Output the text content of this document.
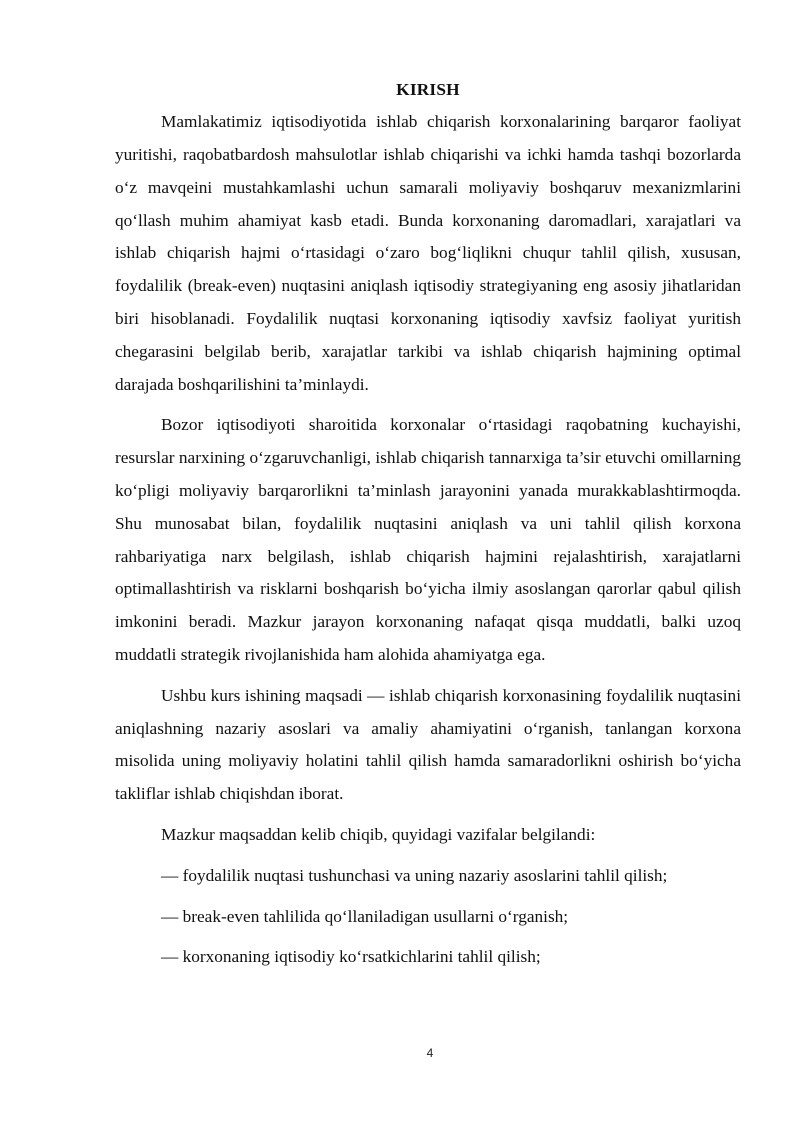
KIRISH

Mamlakatimiz iqtisodiyotida ishlab chiqarish korxonalarining barqaror faoliyat yuritishi, raqobatbardosh mahsulotlar ishlab chiqarishi va ichki hamda tashqi bozorlarda o‘z mavqeini mustahkamlashi uchun samarali moliyaviy boshqaruv mexanizmlarini qo‘llash muhim ahamiyat kasb etadi. Bunda korxonaning daromadlari, xarajatlari va ishlab chiqarish hajmi o‘rtasidagi o‘zaro bog‘liqlikni chuqur tahlil qilish, xususan, foydalilik (break-even) nuqtasini aniqlash iqtisodiy strategiyaning eng asosiy jihatlaridan biri hisoblanadi. Foydalilik nuqtasi korxonaning iqtisodiy xavfsiz faoliyat yuritish chegarasini belgilab berib, xarajatlar tarkibi va ishlab chiqarish hajmining optimal darajada boshqarilishini ta’minlaydi.

Bozor iqtisodiyoti sharoitida korxonalar o‘rtasidagi raqobatning kuchayishi, resurslar narxining o‘zgaruvchanligi, ishlab chiqarish tannarxiga ta’sir etuvchi omillarning ko‘pligi moliyaviy barqarorlikni ta’minlash jarayonini yanada murakkablashtirmoqda. Shu munosabat bilan, foydalilik nuqtasini aniqlash va uni tahlil qilish korxona rahbariyatiga narx belgilash, ishlab chiqarish hajmini rejalashtirish, xarajatlarni optimallashtirish va risklarni boshqarish bo‘yicha ilmiy asoslangan qarorlar qabul qilish imkonini beradi. Mazkur jarayon korxonaning nafaqat qisqa muddatli, balki uzoq muddatli strategik rivojlanishida ham alohida ahamiyatga ega.

Ushbu kurs ishining maqsadi — ishlab chiqarish korxonasining foydalilik nuqtasini aniqlashning nazariy asoslari va amaliy ahamiyatini o‘rganish, tanlangan korxona misolida uning moliyaviy holatini tahlil qilish hamda samaradorlikni oshirish bo‘yicha takliflar ishlab chiqishdan iborat.

Mazkur maqsaddan kelib chiqib, quyidagi vazifalar belgilandi:

— foydalilik nuqtasi tushunchasi va uning nazariy asoslarini tahlil qilish;
— break-even tahlilida qo‘llaniladigan usullarni o‘rganish;
— korxonaning iqtisodiy ko‘rsatkichlarini tahlil qilish;
4
